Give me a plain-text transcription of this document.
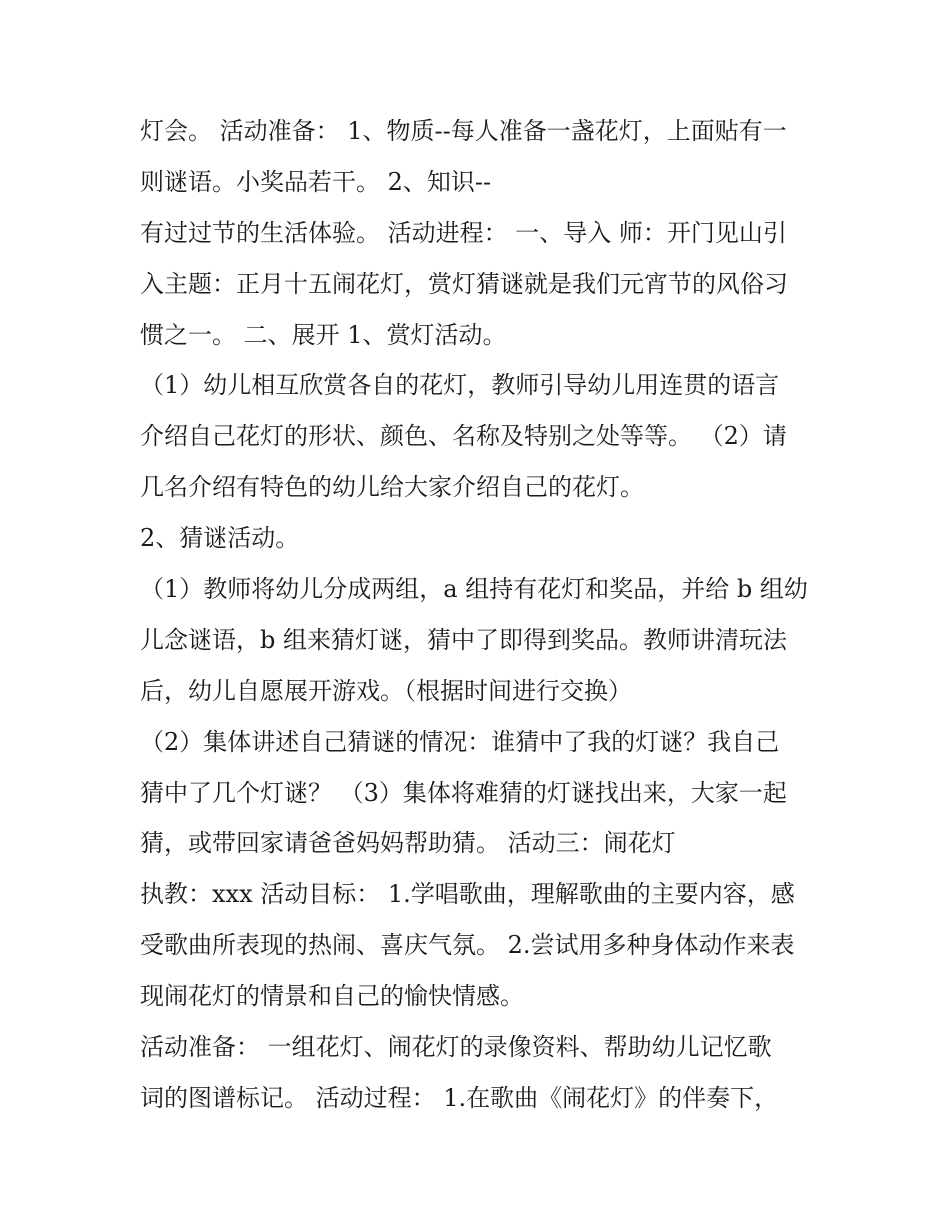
灯会。 活动准备： 1、物质--每人准备一盏花灯，上面贴有一
则谜语。小奖品若干。 2、知识--
有过过节的生活体验。 活动进程： 一、导入 师：开门见山引
入主题：正月十五闹花灯，赏灯猜谜就是我们元宵节的风俗习
惯之一。 二、展开 1、赏灯活动。
（1）幼儿相互欣赏各自的花灯，教师引导幼儿用连贯的语言
介绍自己花灯的形状、颜色、名称及特别之处等等。 （2）请
几名介绍有特色的幼儿给大家介绍自己的花灯。
2、猜谜活动。
（1）教师将幼儿分成两组，a 组持有花灯和奖品，并给 b 组幼
儿念谜语，b 组来猜灯谜，猜中了即得到奖品。教师讲清玩法
后，幼儿自愿展开游戏。（根据时间进行交换）
（2）集体讲述自己猜谜的情况：谁猜中了我的灯谜？我自己
猜中了几个灯谜？ （3）集体将难猜的灯谜找出来，大家一起
猜，或带回家请爸爸妈妈帮助猜。 活动三：闹花灯
执教：xxx 活动目标： 1.学唱歌曲，理解歌曲的主要内容，感
受歌曲所表现的热闹、喜庆气氛。 2.尝试用多种身体动作来表
现闹花灯的情景和自己的愉快情感。
活动准备： 一组花灯、闹花灯的录像资料、帮助幼儿记忆歌
词的图谱标记。 活动过程： 1.在歌曲《闹花灯》的伴奏下，
